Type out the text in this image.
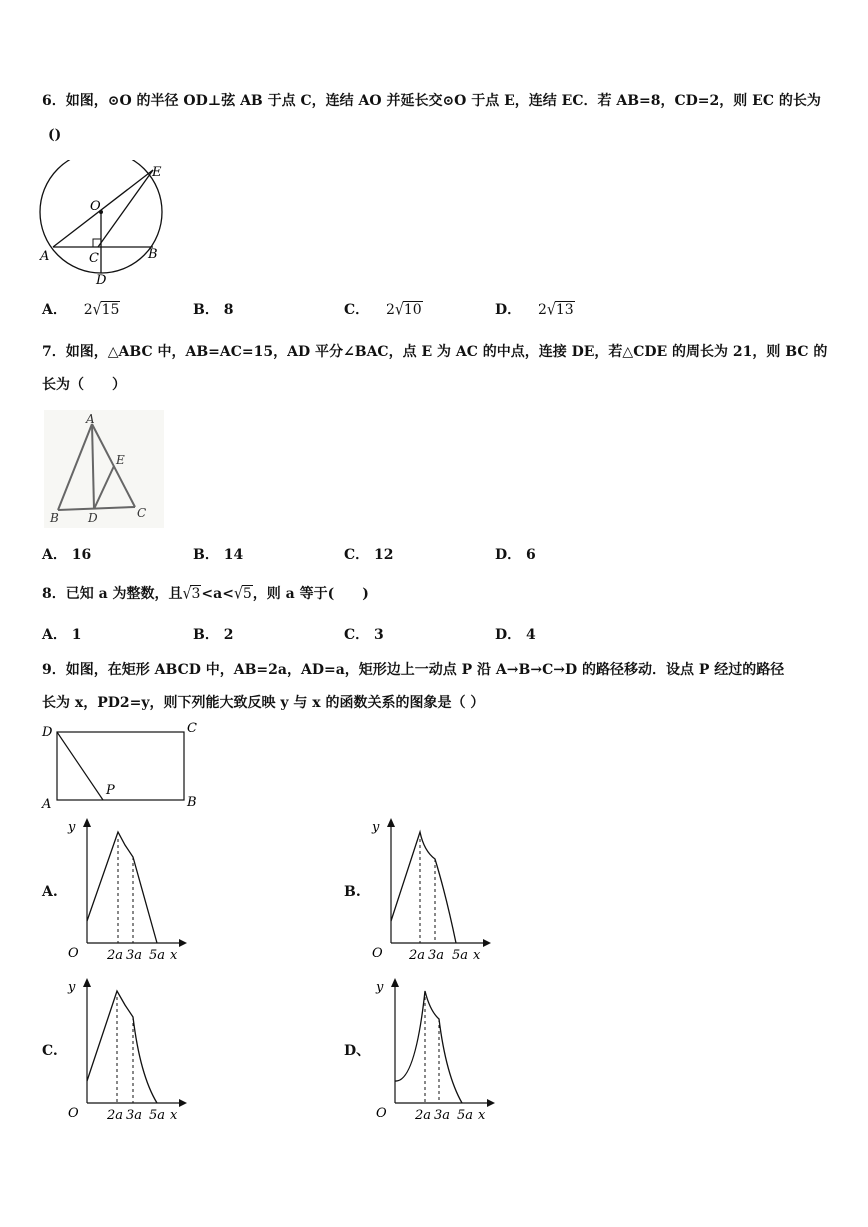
6．如图，⊙O 的半径 OD⊥弦 AB 于点 C，连结 AO 并延长交⊙O 于点 E，连结 EC．若 AB=8，CD=2，则 EC 的长为
()
O
E
A	B
C
D
A． 2√15	B． 8	C． 2√10	D． 2√13
7．如图，△ABC 中，AB=AC=15，AD 平分∠BAC，点 E 为 AC 的中点，连接 DE，若△CDE 的周长为 21，则 BC 的
长为（　　）
A
E
B D	C
A． 16	B． 14	C． 12	D． 6
8．已知 a 为整数，且√3<a<√5，则 a 等于(　　)
A． 1	B． 2	C． 3	D． 4
9．如图，在矩形 ABCD 中，AB=2a，AD=a，矩形边上一动点 P 沿 A→B→C→D 的路径移动．设点 P 经过的路径
长为 x，PD2=y，则下列能大致反映 y 与 x 的函数关系的图象是（ ）
D	C
A	B
P
A.	B.
C.	D、
y
O 2a 3a 5a x
y
O 2a 3a 5a x
y
O 2a 3a 5a x
y
O 2a 3a 5a x
